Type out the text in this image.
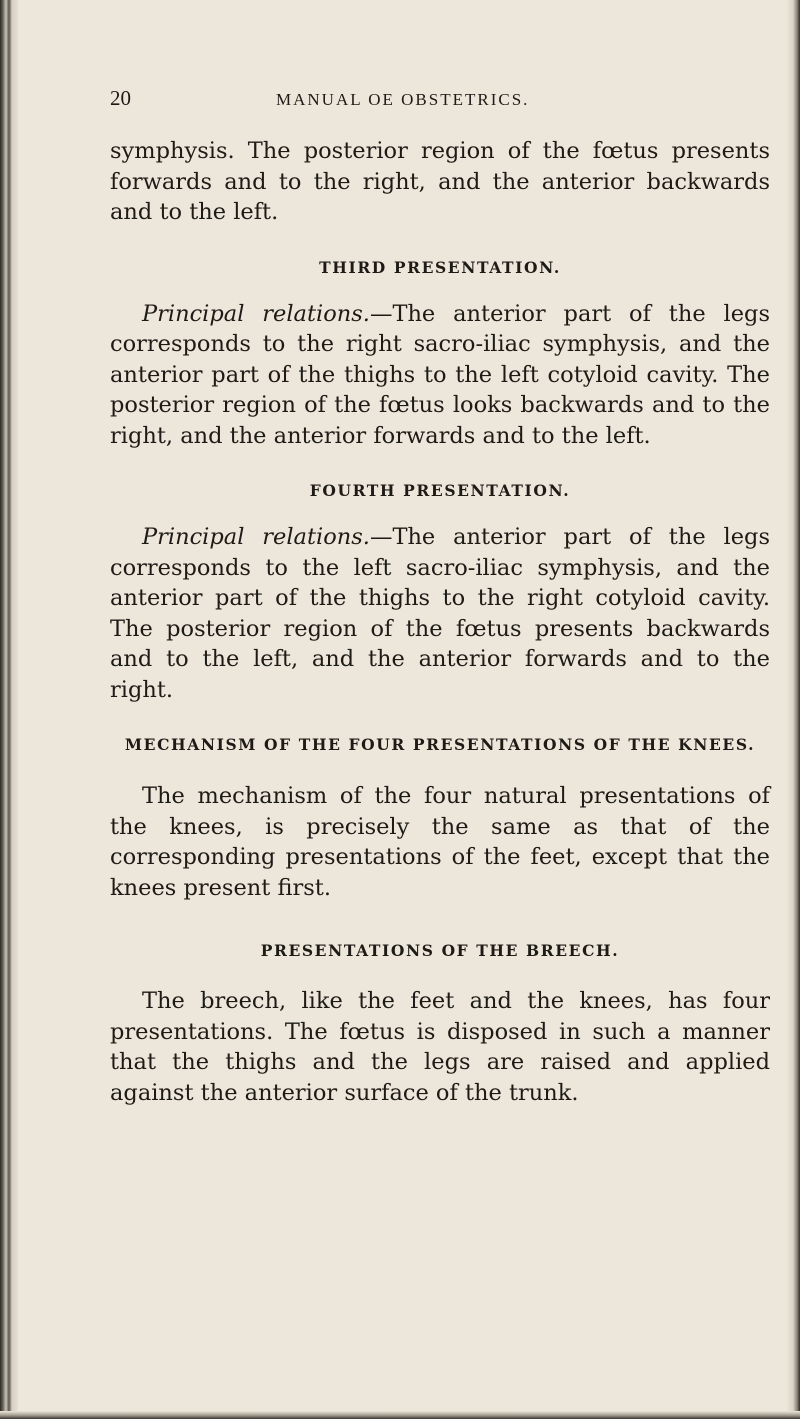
20	MANUAL OE OBSTETRICS.

symphysis. The posterior region of the fœtus presents forwards and to the right, and the anterior backwards and to the left.

THIRD PRESENTATION.

Principal relations.—The anterior part of the legs corresponds to the right sacro-iliac symphysis, and the anterior part of the thighs to the left cotyloid cavity. The posterior region of the fœtus looks backwards and to the right, and the anterior forwards and to the left.

FOURTH PRESENTATION.

Principal relations.—The anterior part of the legs corresponds to the left sacro-iliac symphysis, and the anterior part of the thighs to the right cotyloid cavity. The posterior region of the fœtus presents backwards and to the left, and the anterior forwards and to the right.

MECHANISM OF THE FOUR PRESENTATIONS OF THE KNEES.

The mechanism of the four natural presentations of the knees, is precisely the same as that of the corresponding presentations of the feet, except that the knees present first.

PRESENTATIONS OF THE BREECH.

The breech, like the feet and the knees, has four presentations. The fœtus is disposed in such a manner that the thighs and the legs are raised and applied against the anterior surface of the trunk.
